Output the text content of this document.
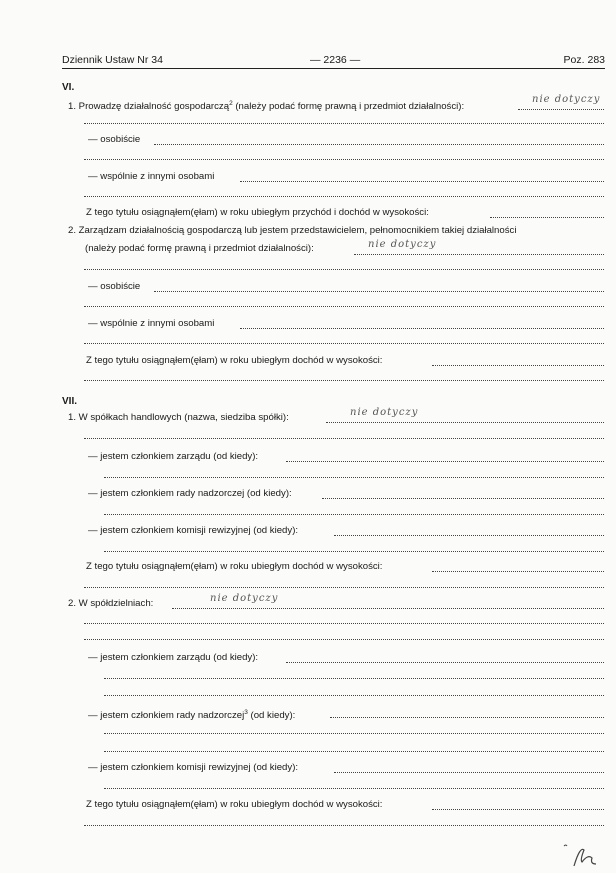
Dziennik Ustaw Nr 34	— 2236 —	Poz. 283
VI.
1. Prowadzę działalność gospodarczą$^2$ (należy podać formę prawną i przedmiot działalności):
nie dotyczy
— osobiście
— wspólnie z innymi osobami
Z tego tytułu osiągnąłem(ęłam) w roku ubiegłym przychód i dochód w wysokości:
2. Zarządzam działalnością gospodarczą lub jestem przedstawicielem, pełnomocnikiem takiej działalności
(należy podać formę prawną i przedmiot działalności):	nie dotyczy
— osobiście
— wspólnie z innymi osobami
Z tego tytułu osiągnąłem(ęłam) w roku ubiegłym dochód w wysokości:
VII.
1. W spółkach handlowych (nazwa, siedziba spółki):	nie dotyczy
— jestem członkiem zarządu (od kiedy):
— jestem członkiem rady nadzorczej (od kiedy):
— jestem członkiem komisji rewizyjnej (od kiedy):
Z tego tytułu osiągnąłem(ęłam) w roku ubiegłym dochód w wysokości:
2. W spółdzielniach:	nie dotyczy
— jestem członkiem zarządu (od kiedy):
— jestem członkiem rady nadzorczej$^3$ (od kiedy):
— jestem członkiem komisji rewizyjnej (od kiedy):
Z tego tytułu osiągnąłem(ęłam) w roku ubiegłym dochód w wysokości:
